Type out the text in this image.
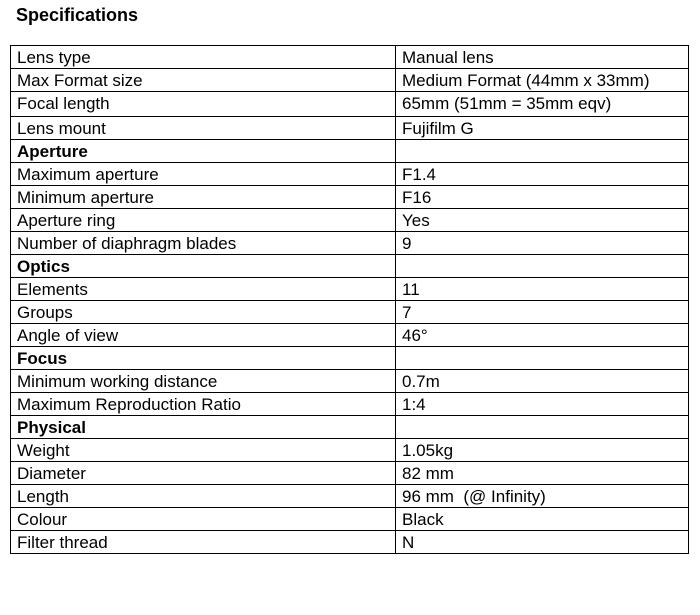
Specifications
Lens type	Manual lens
Max Format size	Medium Format (44mm x 33mm)
Focal length	65mm (51mm = 35mm eqv)
Lens mount	Fujifilm G
Aperture	
Maximum aperture	F1.4
Minimum aperture	F16
Aperture ring	Yes
Number of diaphragm blades	9
Optics	
Elements	11
Groups	7
Angle of view	46°
Focus	
Minimum working distance	0.7m
Maximum Reproduction Ratio	1:4
Physical	
Weight	1.05kg
Diameter	82 mm
Length	96 mm  (@ Infinity)
Colour	Black
Filter thread	N
